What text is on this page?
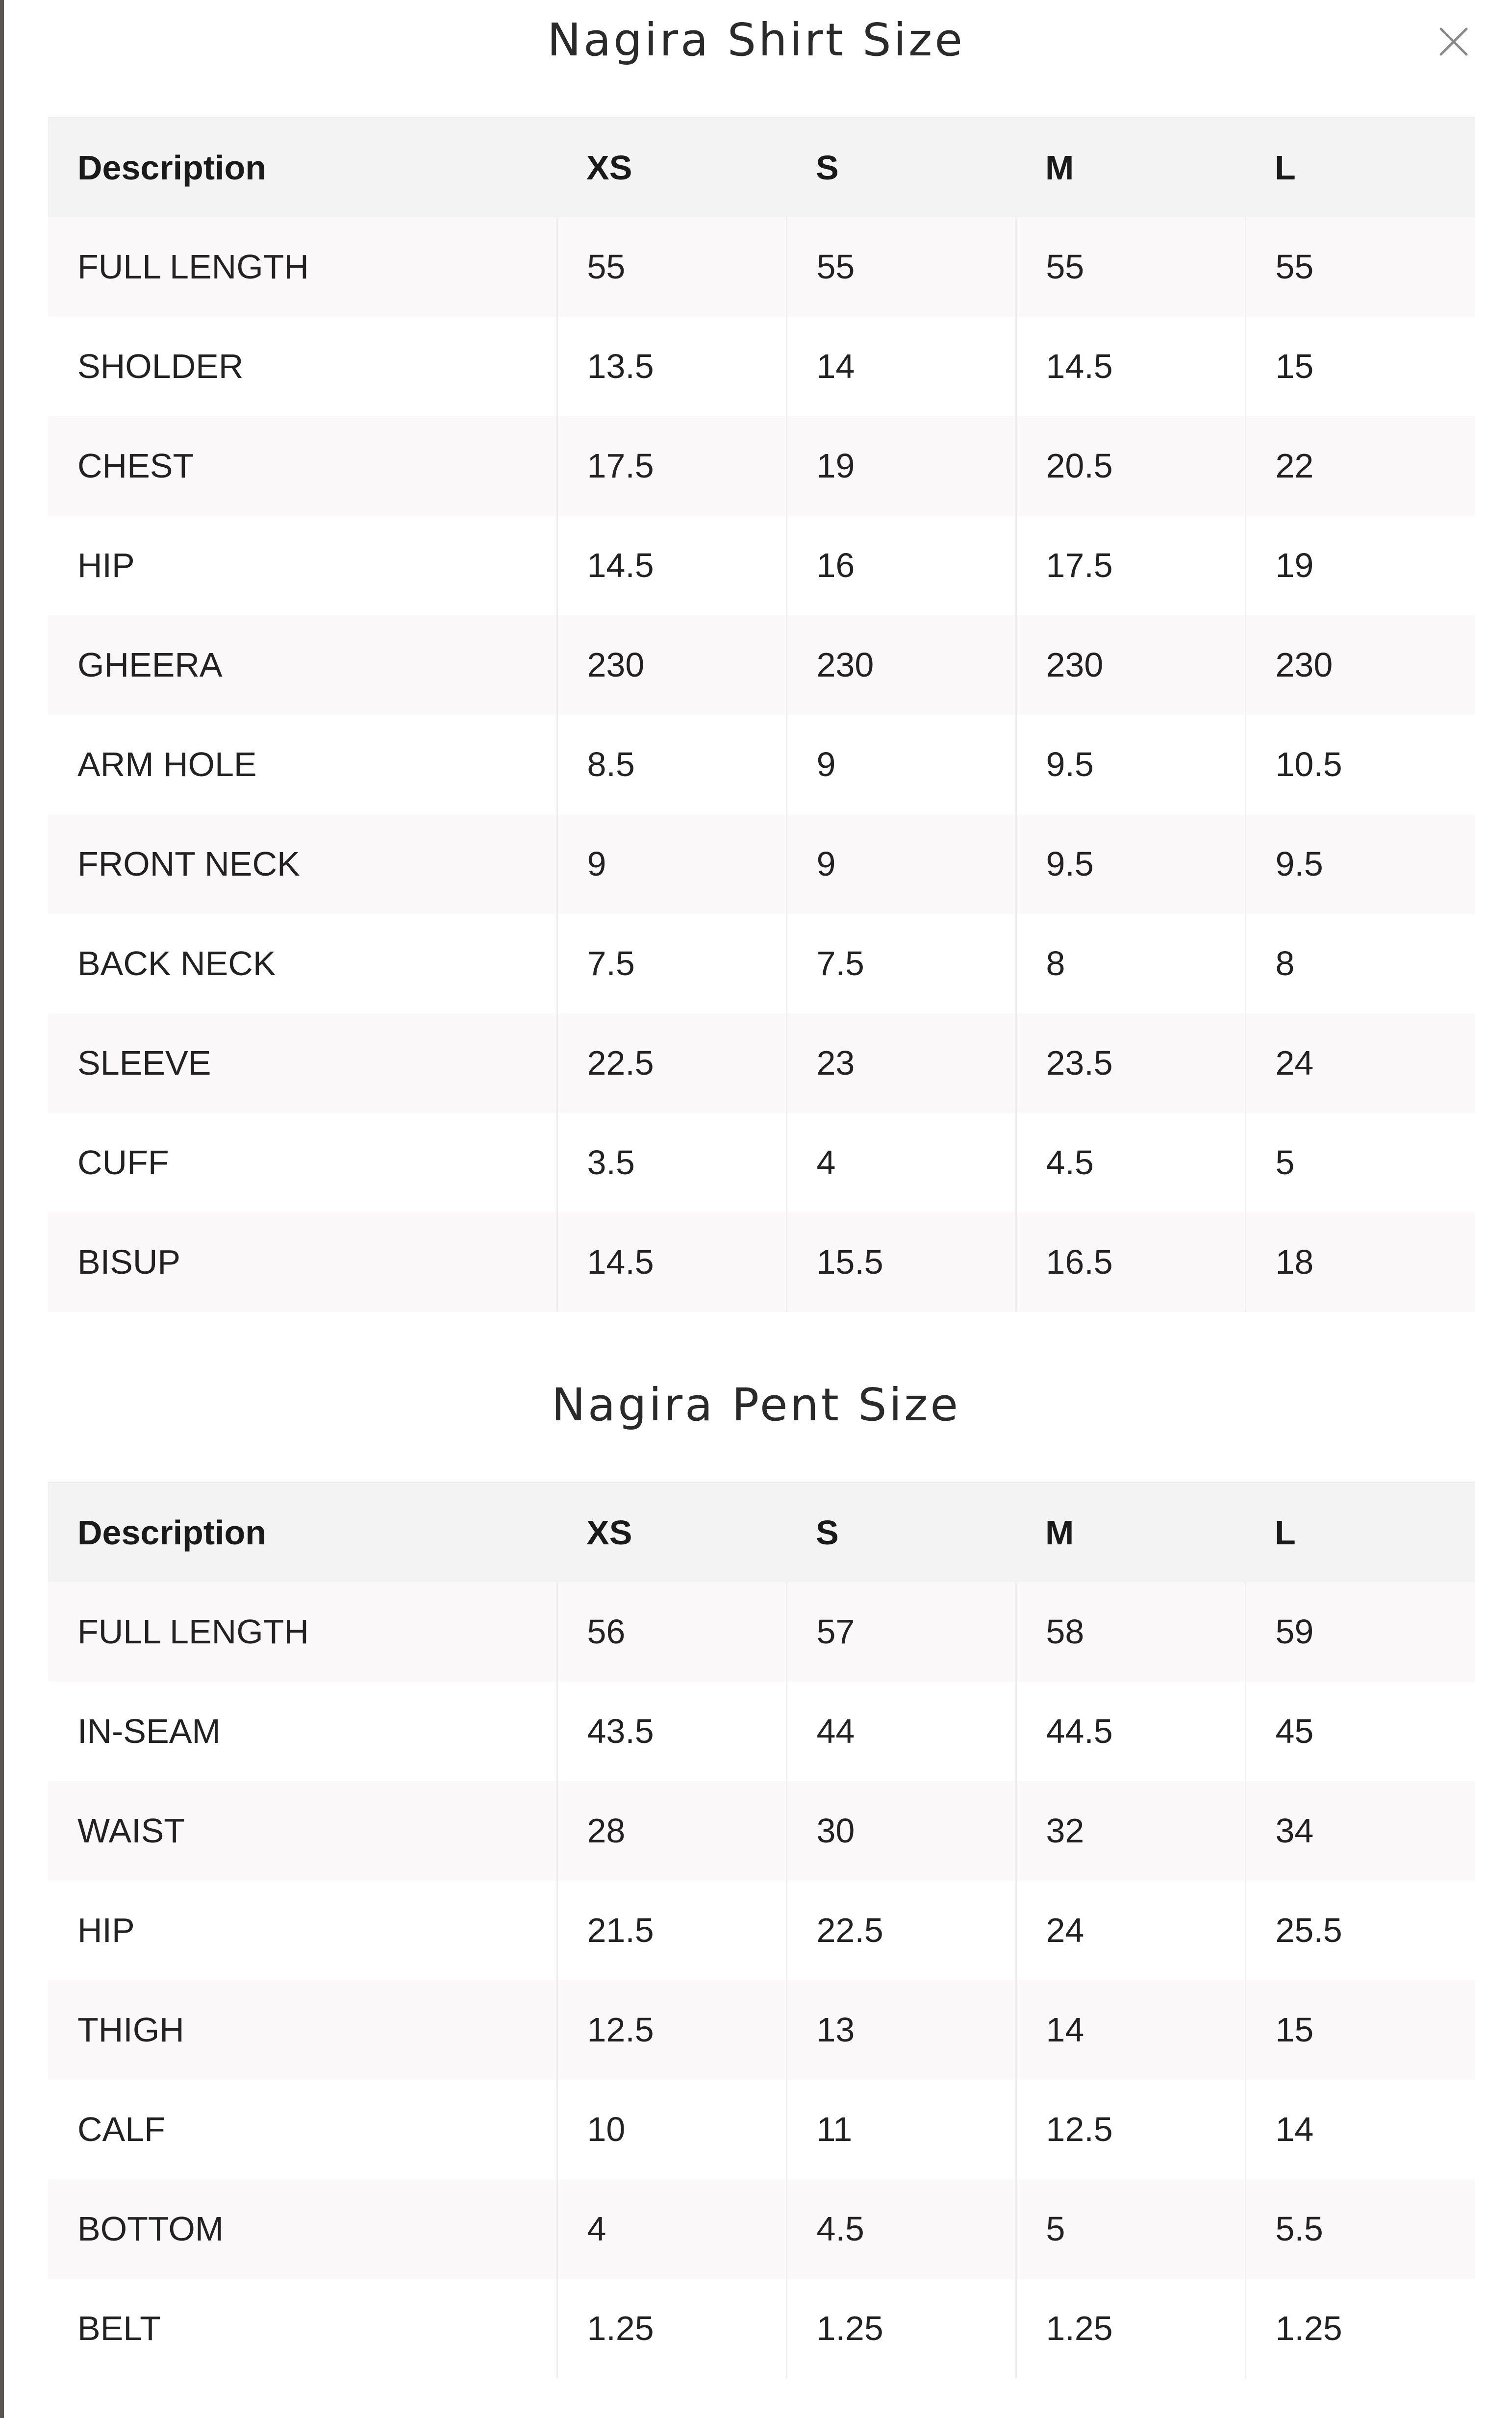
Nagira Shirt Size
Description	XS	S	M	L
FULL LENGTH	55	55	55	55
SHOLDER	13.5	14	14.5	15
CHEST	17.5	19	20.5	22
HIP	14.5	16	17.5	19
GHEERA	230	230	230	230
ARM HOLE	8.5	9	9.5	10.5
FRONT NECK	9	9	9.5	9.5
BACK NECK	7.5	7.5	8	8
SLEEVE	22.5	23	23.5	24
CUFF	3.5	4	4.5	5
BISUP	14.5	15.5	16.5	18
Nagira Pent Size
Description	XS	S	M	L
FULL LENGTH	56	57	58	59
IN-SEAM	43.5	44	44.5	45
WAIST	28	30	32	34
HIP	21.5	22.5	24	25.5
THIGH	12.5	13	14	15
CALF	10	11	12.5	14
BOTTOM	4	4.5	5	5.5
BELT	1.25	1.25	1.25	1.25
